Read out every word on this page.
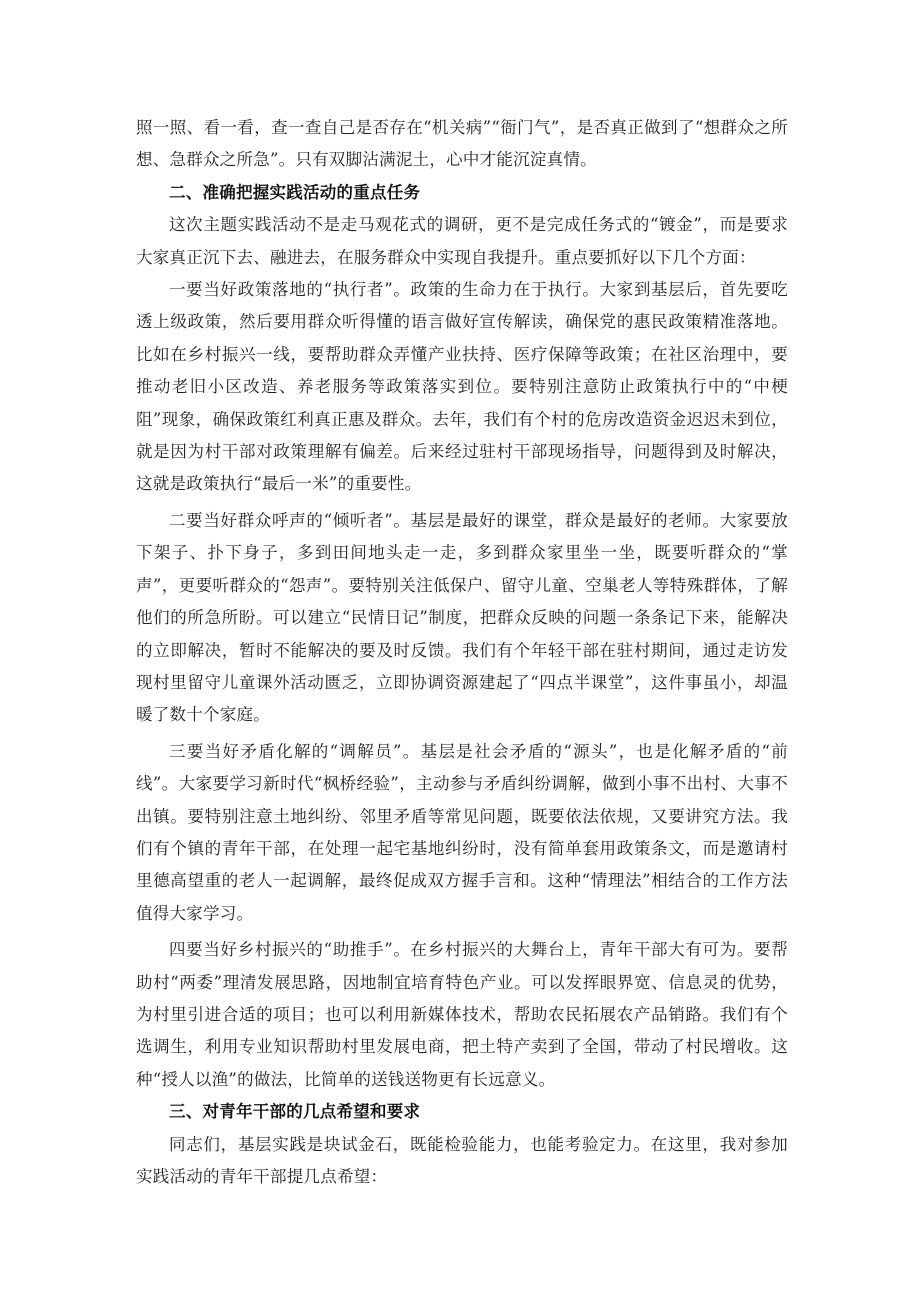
照一照、看一看，查一查自己是否存在“机关病”“衙门气”，是否真正做到了“想群众之所想、急群众之所急”。只有双脚沾满泥土，心中才能沉淀真情。

二、准确把握实践活动的重点任务

这次主题实践活动不是走马观花式的调研，更不是完成任务式的“镀金”，而是要求大家真正沉下去、融进去，在服务群众中实现自我提升。重点要抓好以下几个方面：

一要当好政策落地的“执行者”。政策的生命力在于执行。大家到基层后，首先要吃透上级政策，然后要用群众听得懂的语言做好宣传解读，确保党的惠民政策精准落地。比如在乡村振兴一线，要帮助群众弄懂产业扶持、医疗保障等政策；在社区治理中，要推动老旧小区改造、养老服务等政策落实到位。要特别注意防止政策执行中的“中梗阻”现象，确保政策红利真正惠及群众。去年，我们有个村的危房改造资金迟迟未到位，就是因为村干部对政策理解有偏差。后来经过驻村干部现场指导，问题得到及时解决，这就是政策执行“最后一米”的重要性。

二要当好群众呼声的“倾听者”。基层是最好的课堂，群众是最好的老师。大家要放下架子、扑下身子，多到田间地头走一走，多到群众家里坐一坐，既要听群众的“掌声”，更要听群众的“怨声”。要特别关注低保户、留守儿童、空巢老人等特殊群体，了解他们的所急所盼。可以建立“民情日记”制度，把群众反映的问题一条条记下来，能解决的立即解决，暂时不能解决的要及时反馈。我们有个年轻干部在驻村期间，通过走访发现村里留守儿童课外活动匮乏，立即协调资源建起了“四点半课堂”，这件事虽小，却温暖了数十个家庭。

三要当好矛盾化解的“调解员”。基层是社会矛盾的“源头”，也是化解矛盾的“前线”。大家要学习新时代“枫桥经验”，主动参与矛盾纠纷调解，做到小事不出村、大事不出镇。要特别注意土地纠纷、邻里矛盾等常见问题，既要依法依规，又要讲究方法。我们有个镇的青年干部，在处理一起宅基地纠纷时，没有简单套用政策条文，而是邀请村里德高望重的老人一起调解，最终促成双方握手言和。这种“情理法”相结合的工作方法值得大家学习。

四要当好乡村振兴的“助推手”。在乡村振兴的大舞台上，青年干部大有可为。要帮助村“两委”理清发展思路，因地制宜培育特色产业。可以发挥眼界宽、信息灵的优势，为村里引进合适的项目；也可以利用新媒体技术，帮助农民拓展农产品销路。我们有个选调生，利用专业知识帮助村里发展电商，把土特产卖到了全国，带动了村民增收。这种“授人以渔”的做法，比简单的送钱送物更有长远意义。

三、对青年干部的几点希望和要求

同志们，基层实践是块试金石，既能检验能力，也能考验定力。在这里，我对参加实践活动的青年干部提几点希望：
